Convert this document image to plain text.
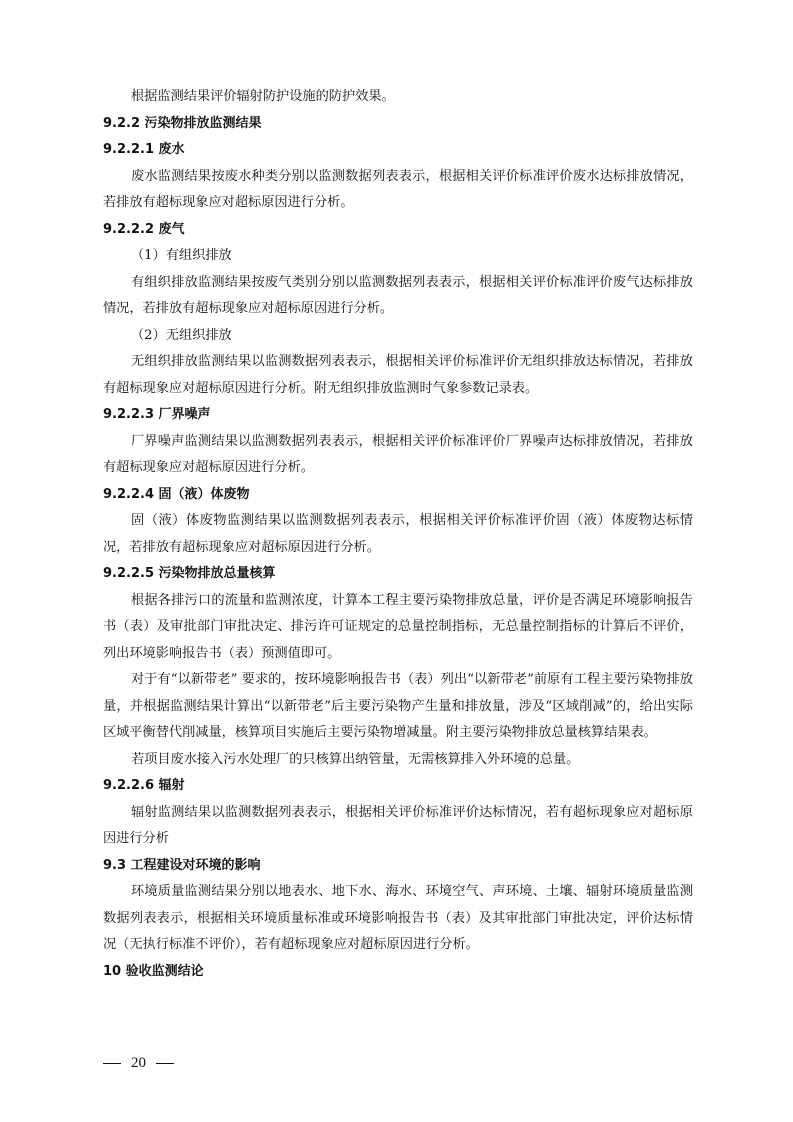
根据监测结果评价辐射防护设施的防护效果。
9.2.2 污染物排放监测结果
9.2.2.1 废水
废水监测结果按废水种类分别以监测数据列表表示，根据相关评价标准评价废水达标排放情况，若排放有超标现象应对超标原因进行分析。
9.2.2.2 废气
（1）有组织排放
有组织排放监测结果按废气类别分别以监测数据列表表示，根据相关评价标准评价废气达标排放情况，若排放有超标现象应对超标原因进行分析。
（2）无组织排放
无组织排放监测结果以监测数据列表表示，根据相关评价标准评价无组织排放达标情况，若排放有超标现象应对超标原因进行分析。附无组织排放监测时气象参数记录表。
9.2.2.3 厂界噪声
厂界噪声监测结果以监测数据列表表示，根据相关评价标准评价厂界噪声达标排放情况，若排放有超标现象应对超标原因进行分析。
9.2.2.4 固（液）体废物
固（液）体废物监测结果以监测数据列表表示，根据相关评价标准评价固（液）体废物达标情况，若排放有超标现象应对超标原因进行分析。
9.2.2.5 污染物排放总量核算
根据各排污口的流量和监测浓度，计算本工程主要污染物排放总量，评价是否满足环境影响报告书（表）及审批部门审批决定、排污许可证规定的总量控制指标，无总量控制指标的计算后不评价，列出环境影响报告书（表）预测值即可。
对于有“以新带老” 要求的，按环境影响报告书（表）列出“以新带老”前原有工程主要污染物排放量，并根据监测结果计算出“以新带老”后主要污染物产生量和排放量，涉及“区域削减”的，给出实际区域平衡替代削减量，核算项目实施后主要污染物增减量。附主要污染物排放总量核算结果表。
若项目废水接入污水处理厂的只核算出纳管量，无需核算排入外环境的总量。
9.2.2.6 辐射
辐射监测结果以监测数据列表表示，根据相关评价标准评价达标情况，若有超标现象应对超标原因进行分析
9.3 工程建设对环境的影响
环境质量监测结果分别以地表水、地下水、海水、环境空气、声环境、土壤、辐射环境质量监测数据列表表示，根据相关环境质量标准或环境影响报告书（表）及其审批部门审批决定，评价达标情况（无执行标准不评价），若有超标现象应对超标原因进行分析。
10 验收监测结论
20
